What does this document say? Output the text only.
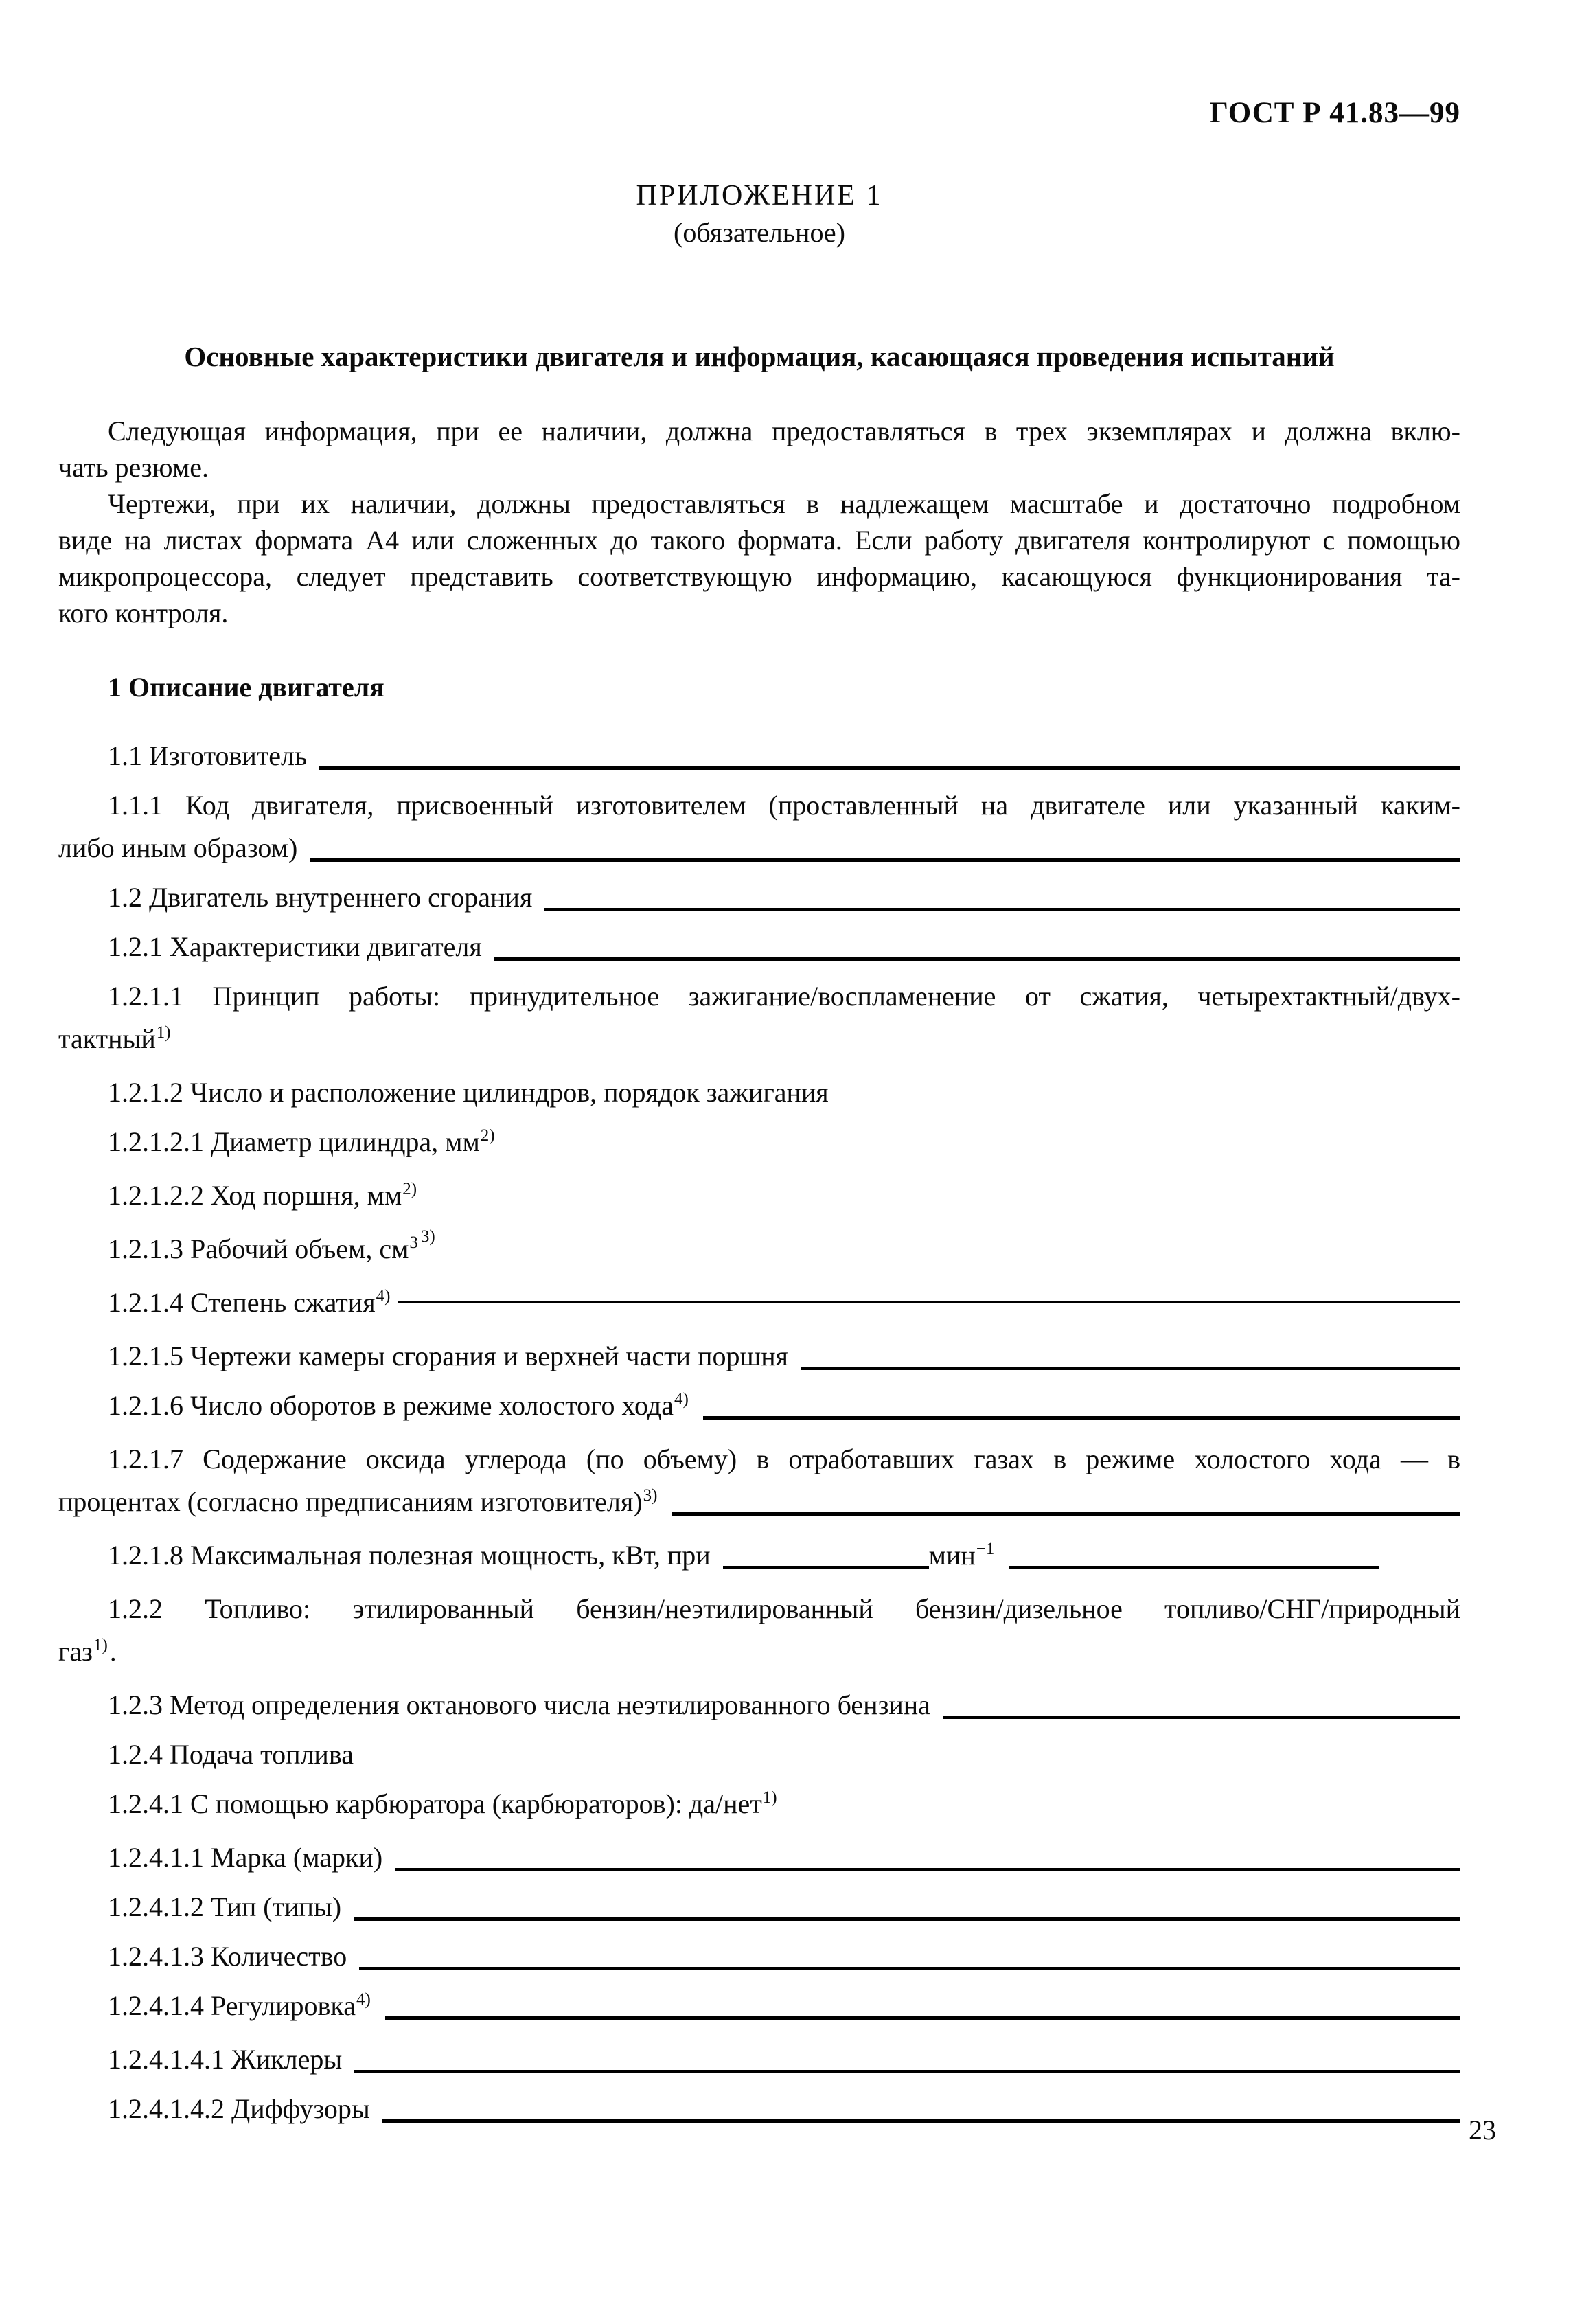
ГОСТ Р 41.83—99
ПРИЛОЖЕНИЕ 1
(обязательное)
Основные характеристики двигателя и информация, касающаяся проведения испытаний
Следующая информация, при ее наличии, должна предоставляться в трех экземплярах и должна вклю-
чать резюме.
Чертежи, при их наличии, должны предоставляться в надлежащем масштабе и достаточно подробном
виде на листах формата А4 или сложенных до такого формата. Если работу двигателя контролируют с помощью
микропроцессора, следует представить соответствующую информацию, касающуюся функционирования та-
кого контроля.
1 Описание двигателя
1.1 Изготовитель
1.1.1 Код двигателя, присвоенный изготовителем (проставленный на двигателе или указанный каким-
либо иным образом)
1.2 Двигатель внутреннего сгорания
1.2.1 Характеристики двигателя
1.2.1.1 Принцип работы: принудительное зажигание/воспламенение от сжатия, четырехтактный/двух-
тактный 1)
1.2.1.2 Число и расположение цилиндров, порядок зажигания
1.2.1.2.1 Диаметр цилиндра, мм 2)
1.2.1.2.2 Ход поршня, мм 2)
1.2.1.3 Рабочий объем, см 3 3)
1.2.1.4 Степень сжатия 4)
1.2.1.5 Чертежи камеры сгорания и верхней части поршня
1.2.1.6 Число оборотов в режиме холостого хода 4)
1.2.1.7 Содержание оксида углерода (по объему) в отработавших газах в режиме холостого хода — в
процентах (согласно предписаниям изготовителя) 3)
1.2.1.8 Максимальная полезная мощность, кВт, при	мин −1
1.2.2 Топливо: этилированный бензин/неэтилированный бензин/дизельное топливо/СНГ/природный
газ 1) .
1.2.3 Метод определения октанового числа неэтилированного бензина
1.2.4 Подача топлива
1.2.4.1 С помощью карбюратора (карбюраторов): да/нет 1)
1.2.4.1.1 Марка (марки)
1.2.4.1.2 Тип (типы)
1.2.4.1.3 Количество
1.2.4.1.4 Регулировка 4)
1.2.4.1.4.1 Жиклеры
1.2.4.1.4.2 Диффузоры
23
